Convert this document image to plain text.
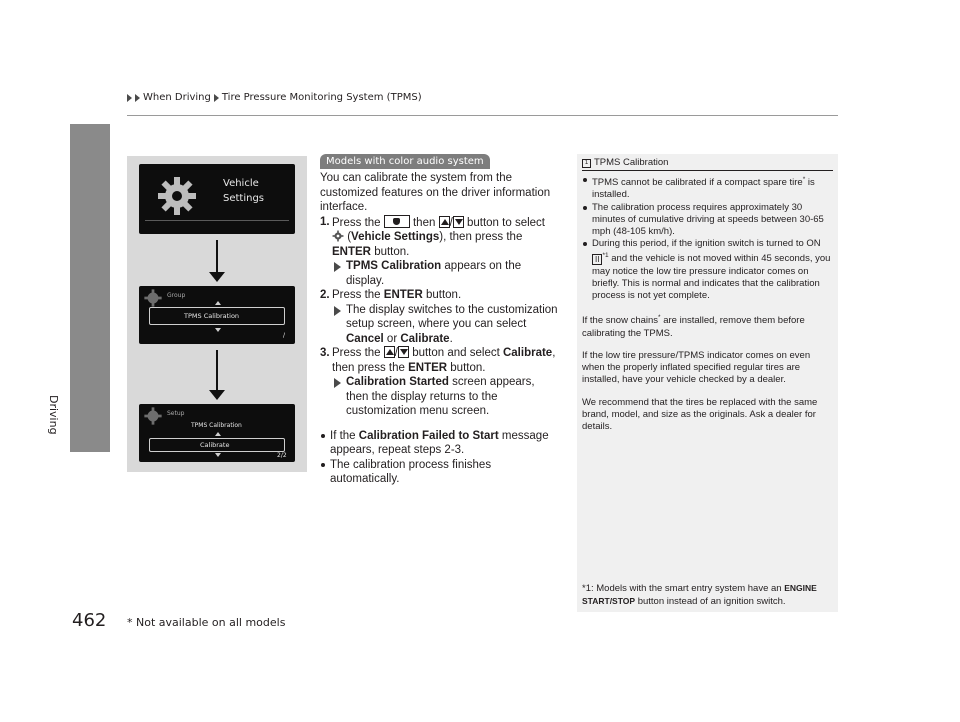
When Driving Tire Pressure Monitoring System (TPMS)
Driving
462 * Not available on all models
Vehicle
Settings
Group
TPMS Calibration
/
Setup
TPMS Calibration
Calibrate
2/2
Models with color audio system

You can calibrate the system from the customized features on the driver information interface.

1. Press the	then / button to select  (Vehicle Settings), then press the ENTER button.
TPMS Calibration appears on the display.
2. Press the ENTER button.
The display switches to the customization setup screen, where you can select Cancel or Calibrate.
3. Press the / button and select Calibrate, then press the ENTER button.
Calibration Started screen appears, then the display returns to the customization menu screen.
If the Calibration Failed to Start message appears, repeat steps 2-3.
The calibration process finishes automatically.
1 TPMS Calibration
TPMS cannot be calibrated if a compact spare tire* is installed.
The calibration process requires approximately 30 minutes of cumulative driving at speeds between 30-65 mph (48-105 km/h).
During this period, if the ignition switch is turned to ON II $^{*1}$ and the vehicle is not moved within 45 seconds, you may notice the low tire pressure indicator comes on briefly. This is normal and indicates that the calibration process is not yet complete.

If the snow chains* are installed, remove them before calibrating the TPMS.

If the low tire pressure/TPMS indicator comes on even when the properly inflated specified regular tires are installed, have your vehicle checked by a dealer.

We recommend that the tires be replaced with the same brand, model, and size as the originals. Ask a dealer for details.

*1: Models with the smart entry system have an ENGINE START/STOP button instead of an ignition switch.
